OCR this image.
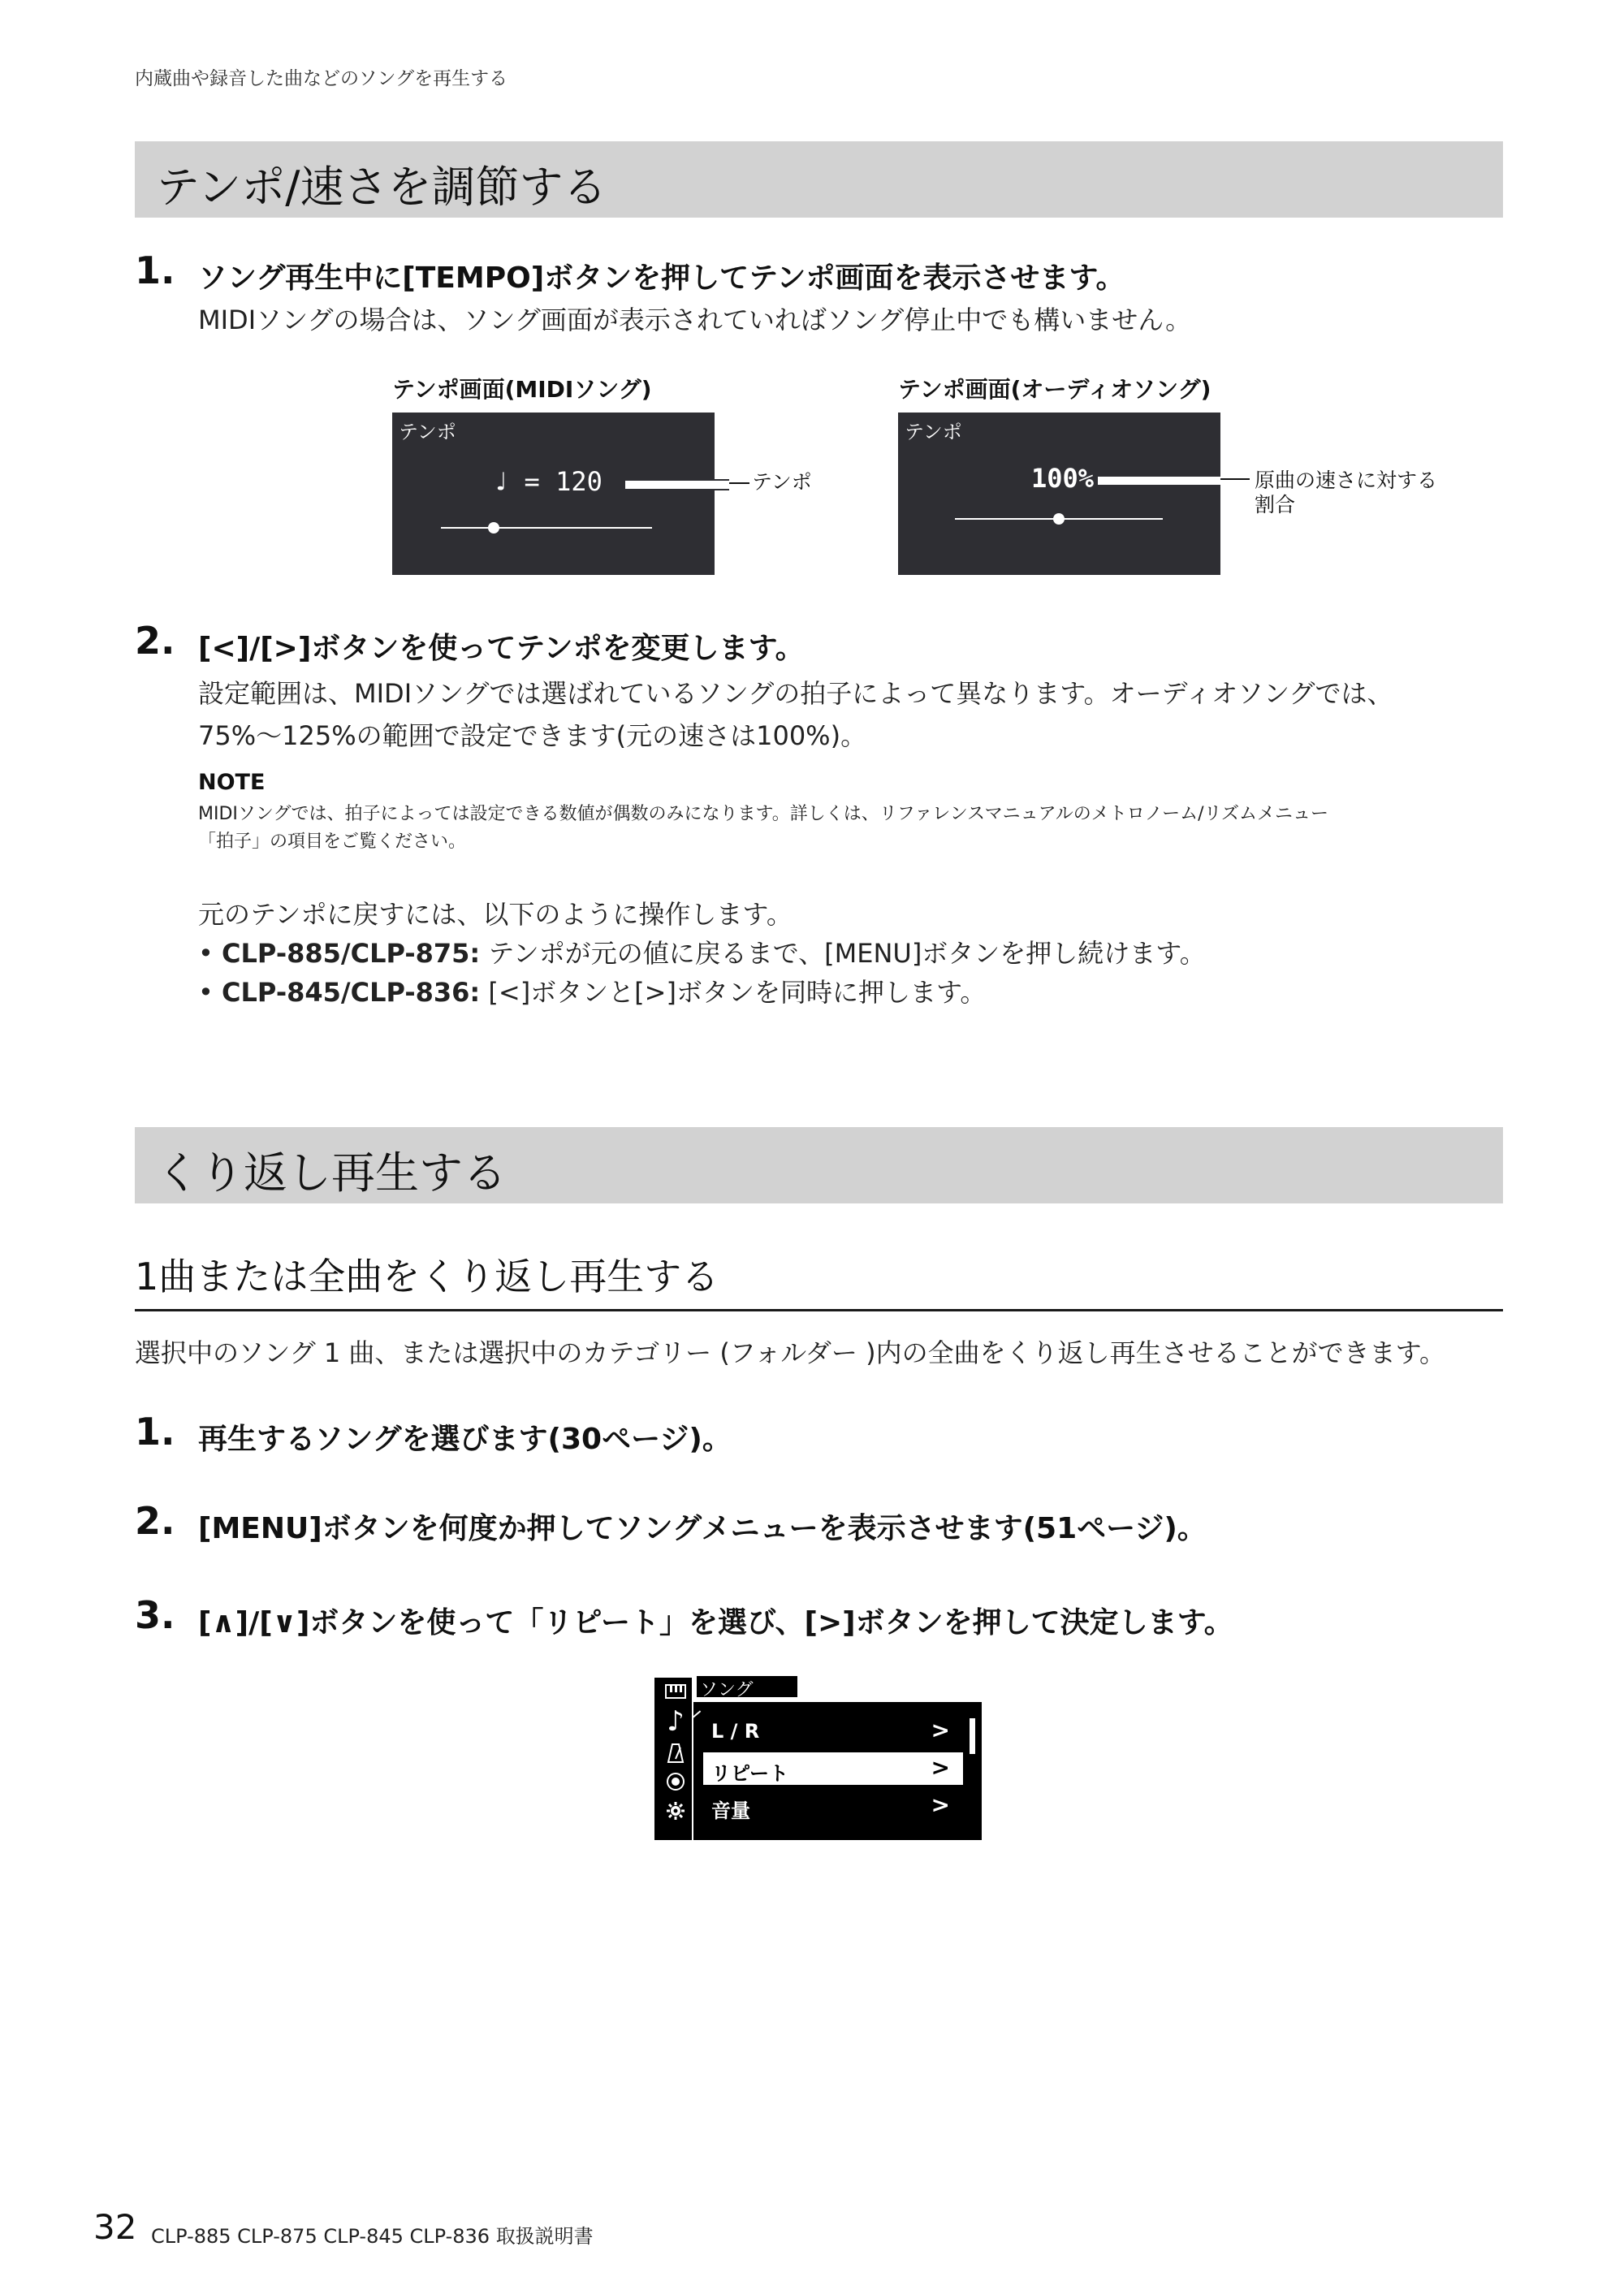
内蔵曲や録音した曲などのソングを再生する
テンポ/速さを調節する
1. ソング再生中に[TEMPO]ボタンを押してテンポ画面を表示させます。
MIDIソングの場合は、ソング画面が表示されていればソング停止中でも構いません。
テンポ画面(MIDIソング)
テンポ
♩ = 120	テンポ
テンポ画面(オーディオソング)
テンポ
100%	原曲の速さに対する
割合
2. [<]/[>]ボタンを使ってテンポを変更します。
設定範囲は、MIDIソングでは選ばれているソングの拍子によって異なります。オーディオソングでは、
75%〜125%の範囲で設定できます(元の速さは100%)。
NOTE
MIDIソングでは、拍子によっては設定できる数値が偶数のみになります。詳しくは、リファレンスマニュアルのメトロノーム/リズムメニュー
「拍子」の項目をご覧ください。
元のテンポに戻すには、以下のように操作します。
• CLP-885/CLP-875: テンポが元の値に戻るまで、[MENU]ボタンを押し続けます。
• CLP-845/CLP-836: [<]ボタンと[>]ボタンを同時に押します。
くり返し再生する
1曲または全曲をくり返し再生する
選択中のソング 1 曲、または選択中のカテゴリー (フォルダー )内の全曲をくり返し再生させることができます。
1. 再生するソングを選びます(30ページ)。
2. [MENU]ボタンを何度か押してソングメニューを表示させます(51ページ)。
3. [∧]/[∨]ボタンを使って「リピート」を選び、[>]ボタンを押して決定します。
ソング
♪	L / R	>
リピート	>
音量	>
32 CLP-885 CLP-875 CLP-845 CLP-836 取扱説明書
